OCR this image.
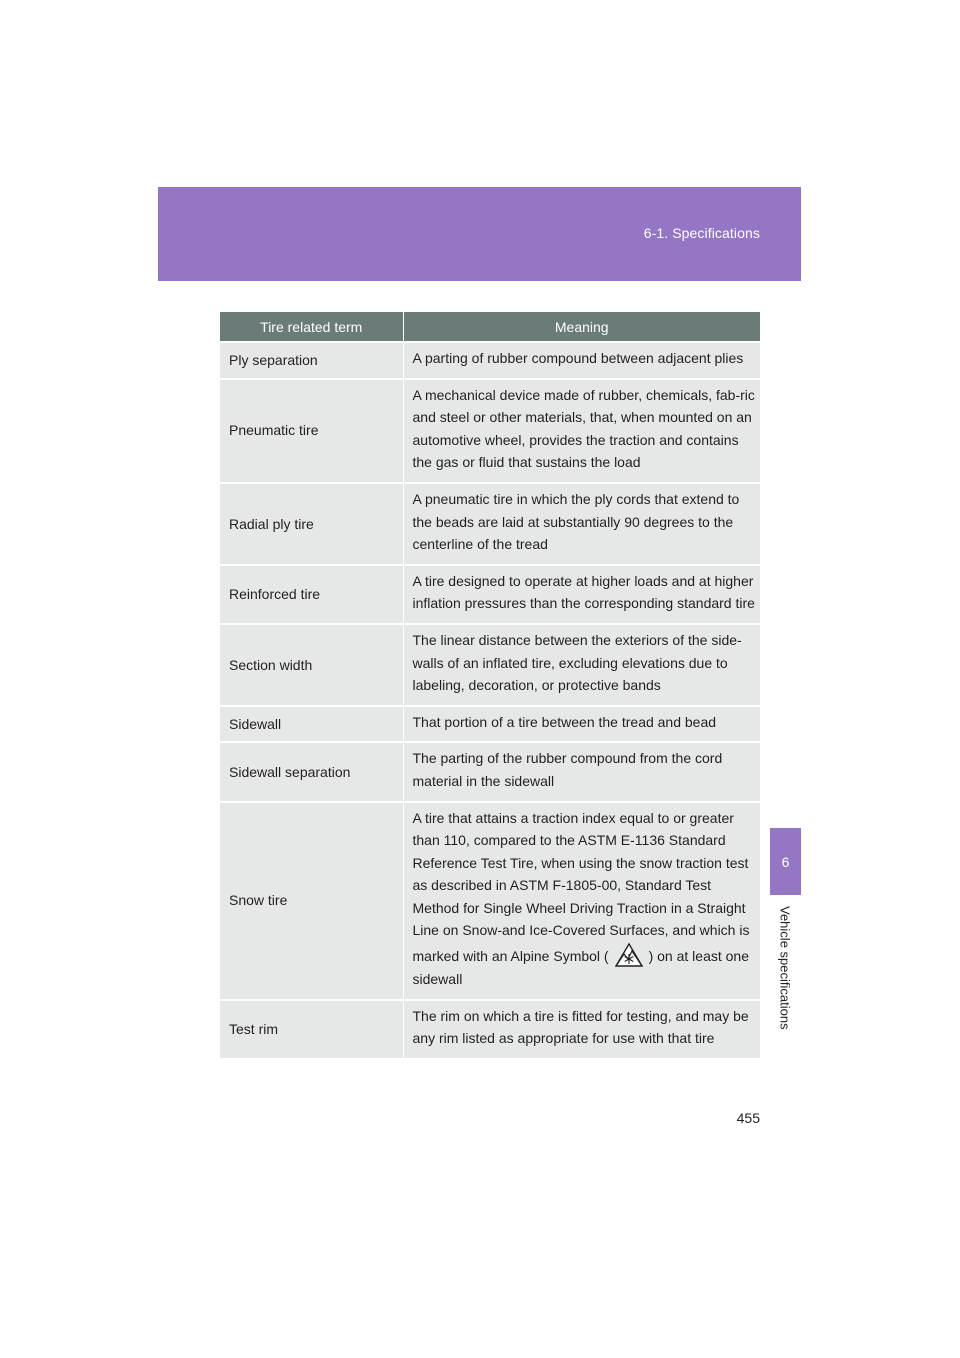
6-1. Specifications
6
Vehicle specifications
Tire related term	Meaning
Ply separation	A parting of rubber compound between adjacent plies
Pneumatic tire	A mechanical device made of rubber, chemicals, fab-ric and steel or other materials, that, when mounted on an automotive wheel, provides the traction and contains the gas or fluid that sustains the load
Radial ply tire	A pneumatic tire in which the ply cords that extend to the beads are laid at substantially 90 degrees to the centerline of the tread
Reinforced tire	A tire designed to operate at higher loads and at higher inflation pressures than the corresponding standard tire
Section width	The linear distance between the exteriors of the side-walls of an inflated tire, excluding elevations due to labeling, decoration, or protective bands
Sidewall	That portion of a tire between the tread and bead
Sidewall separation	The parting of the rubber compound from the cord material in the sidewall
Snow tire	A tire that attains a traction index equal to or greater than 110, compared to the ASTM E-1136 Standard Reference Test Tire, when using the snow traction test as described in ASTM F-1805-00, Standard Test Method for Single Wheel Driving Traction in a Straight Line on Snow-and Ice-Covered Surfaces, and which is marked with an Alpine Symbol ( ) on at least one sidewall
Test rim	The rim on which a tire is fitted for testing, and may be any rim listed as appropriate for use with that tire
455
